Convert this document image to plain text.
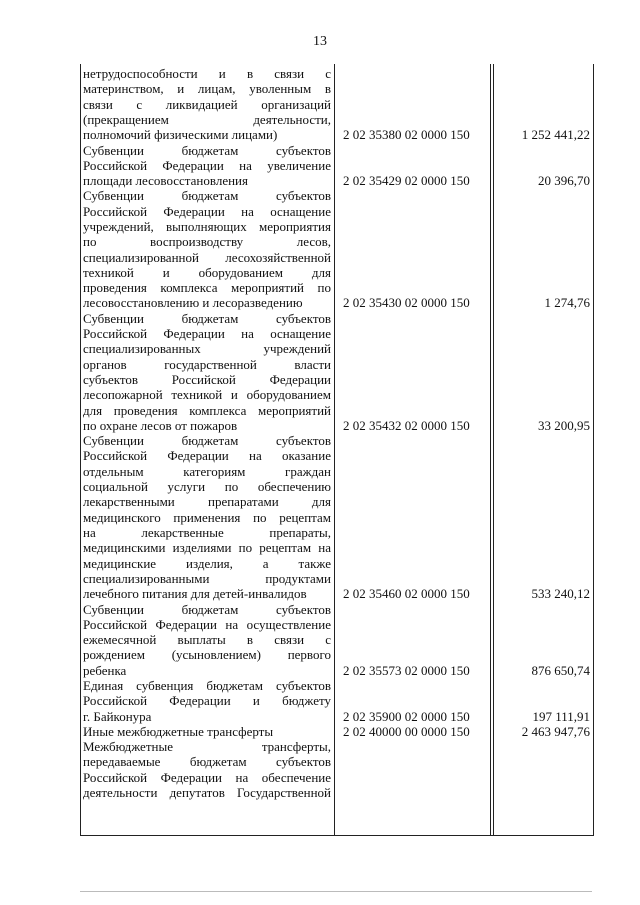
13
нетрудоспособности и в связи с
материнством, и лицам, уволенным в
связи с ликвидацией организаций
(прекращением деятельности,
полномочий физическими лицами)	2 02 35380 02 0000 150	1 252 441,22
Субвенции бюджетам субъектов
Российской Федерации на увеличение
площади лесовосстановления	2 02 35429 02 0000 150	20 396,70
Субвенции бюджетам субъектов
Российской Федерации на оснащение
учреждений, выполняющих мероприятия
по воспроизводству лесов,
специализированной лесохозяйственной
техникой и оборудованием для
проведения комплекса мероприятий по
лесовосстановлению и лесоразведению	2 02 35430 02 0000 150	1 274,76
Субвенции бюджетам субъектов
Российской Федерации на оснащение
специализированных учреждений
органов государственной власти
субъектов Российской Федерации
лесопожарной техникой и оборудованием
для проведения комплекса мероприятий
по охране лесов от пожаров	2 02 35432 02 0000 150	33 200,95
Субвенции бюджетам субъектов
Российской Федерации на оказание
отдельным категориям граждан
социальной услуги по обеспечению
лекарственными препаратами для
медицинского применения по рецептам
на лекарственные препараты,
медицинскими изделиями по рецептам на
медицинские изделия, а также
специализированными продуктами
лечебного питания для детей-инвалидов	2 02 35460 02 0000 150	533 240,12
Субвенции бюджетам субъектов
Российской Федерации на осуществление
ежемесячной выплаты в связи с
рождением (усыновлением) первого
ребенка	2 02 35573 02 0000 150	876 650,74
Единая субвенция бюджетам субъектов
Российской Федерации и бюджету
г. Байконура	2 02 35900 02 0000 150	197 111,91
Иные межбюджетные трансферты	2 02 40000 00 0000 150	2 463 947,76
Межбюджетные трансферты,
передаваемые бюджетам субъектов
Российской Федерации на обеспечение
деятельности депутатов Государственной
